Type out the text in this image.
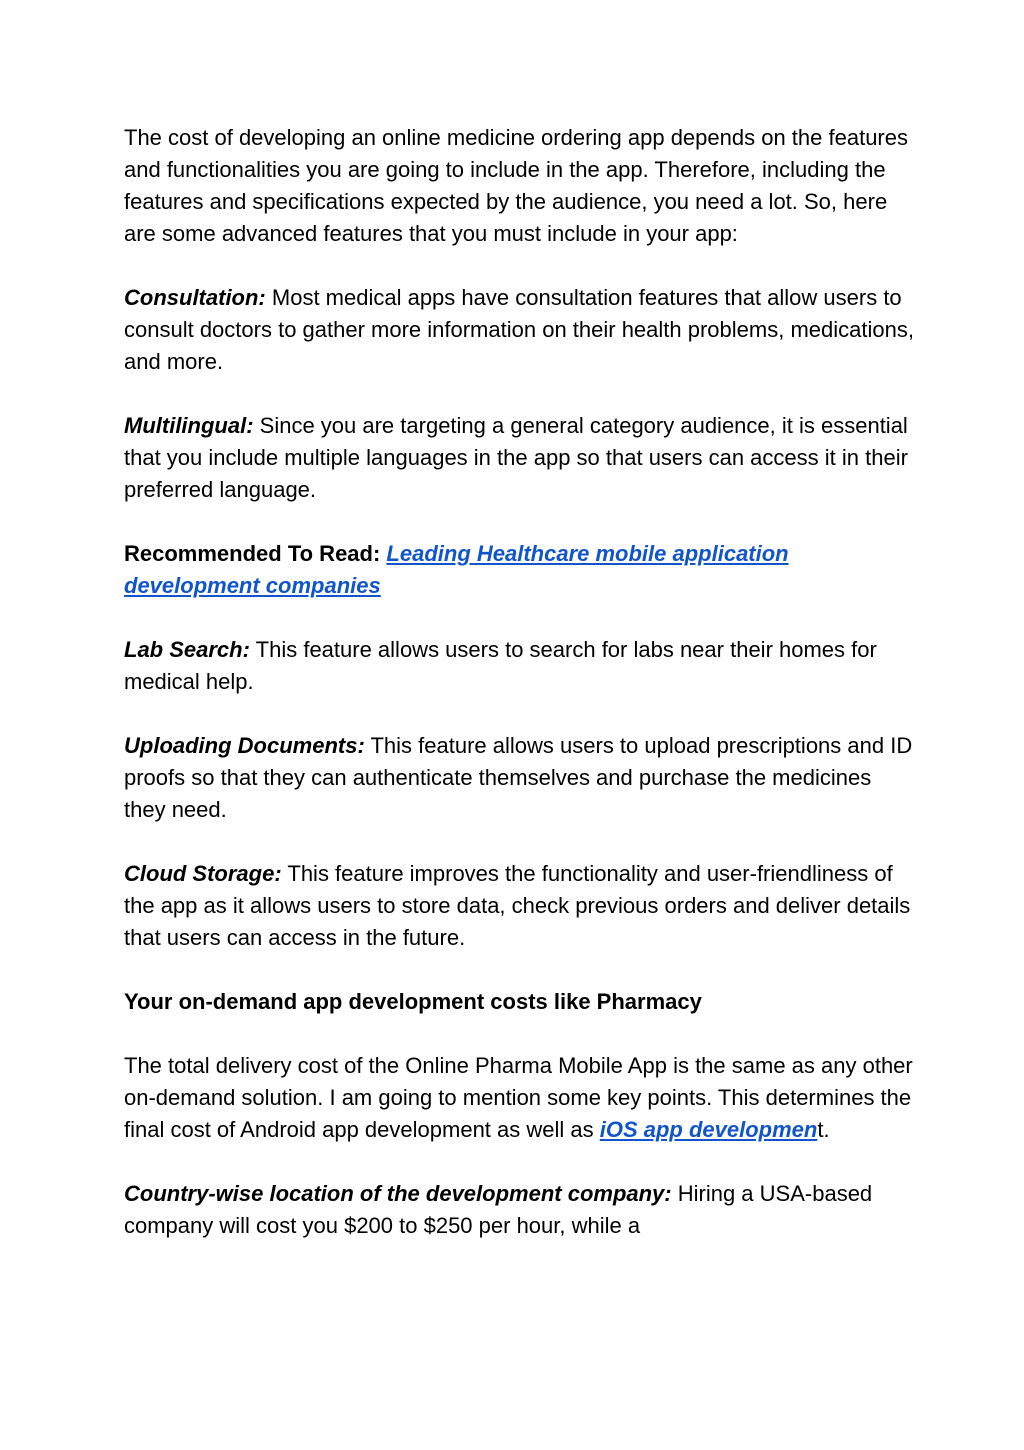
The cost of developing an online medicine ordering app depends on the features and functionalities you are going to include in the app. Therefore, including the features and specifications expected by the audience, you need a lot. So, here are some advanced features that you must include in your app:

Consultation: Most medical apps have consultation features that allow users to consult doctors to gather more information on their health problems, medications, and more.

Multilingual: Since you are targeting a general category audience, it is essential that you include multiple languages in the app so that users can access it in their preferred language.

Recommended To Read: Leading Healthcare mobile application development companies

Lab Search: This feature allows users to search for labs near their homes for medical help.

Uploading Documents: This feature allows users to upload prescriptions and ID proofs so that they can authenticate themselves and purchase the medicines they need.

Cloud Storage: This feature improves the functionality and user-friendliness of the app as it allows users to store data, check previous orders and deliver details that users can access in the future.

Your on-demand app development costs like Pharmacy

The total delivery cost of the Online Pharma Mobile App is the same as any other on-demand solution. I am going to mention some key points. This determines the final cost of Android app development as well as iOS app development.

Country-wise location of the development company: Hiring a USA-based company will cost you $200 to $250 per hour, while a
